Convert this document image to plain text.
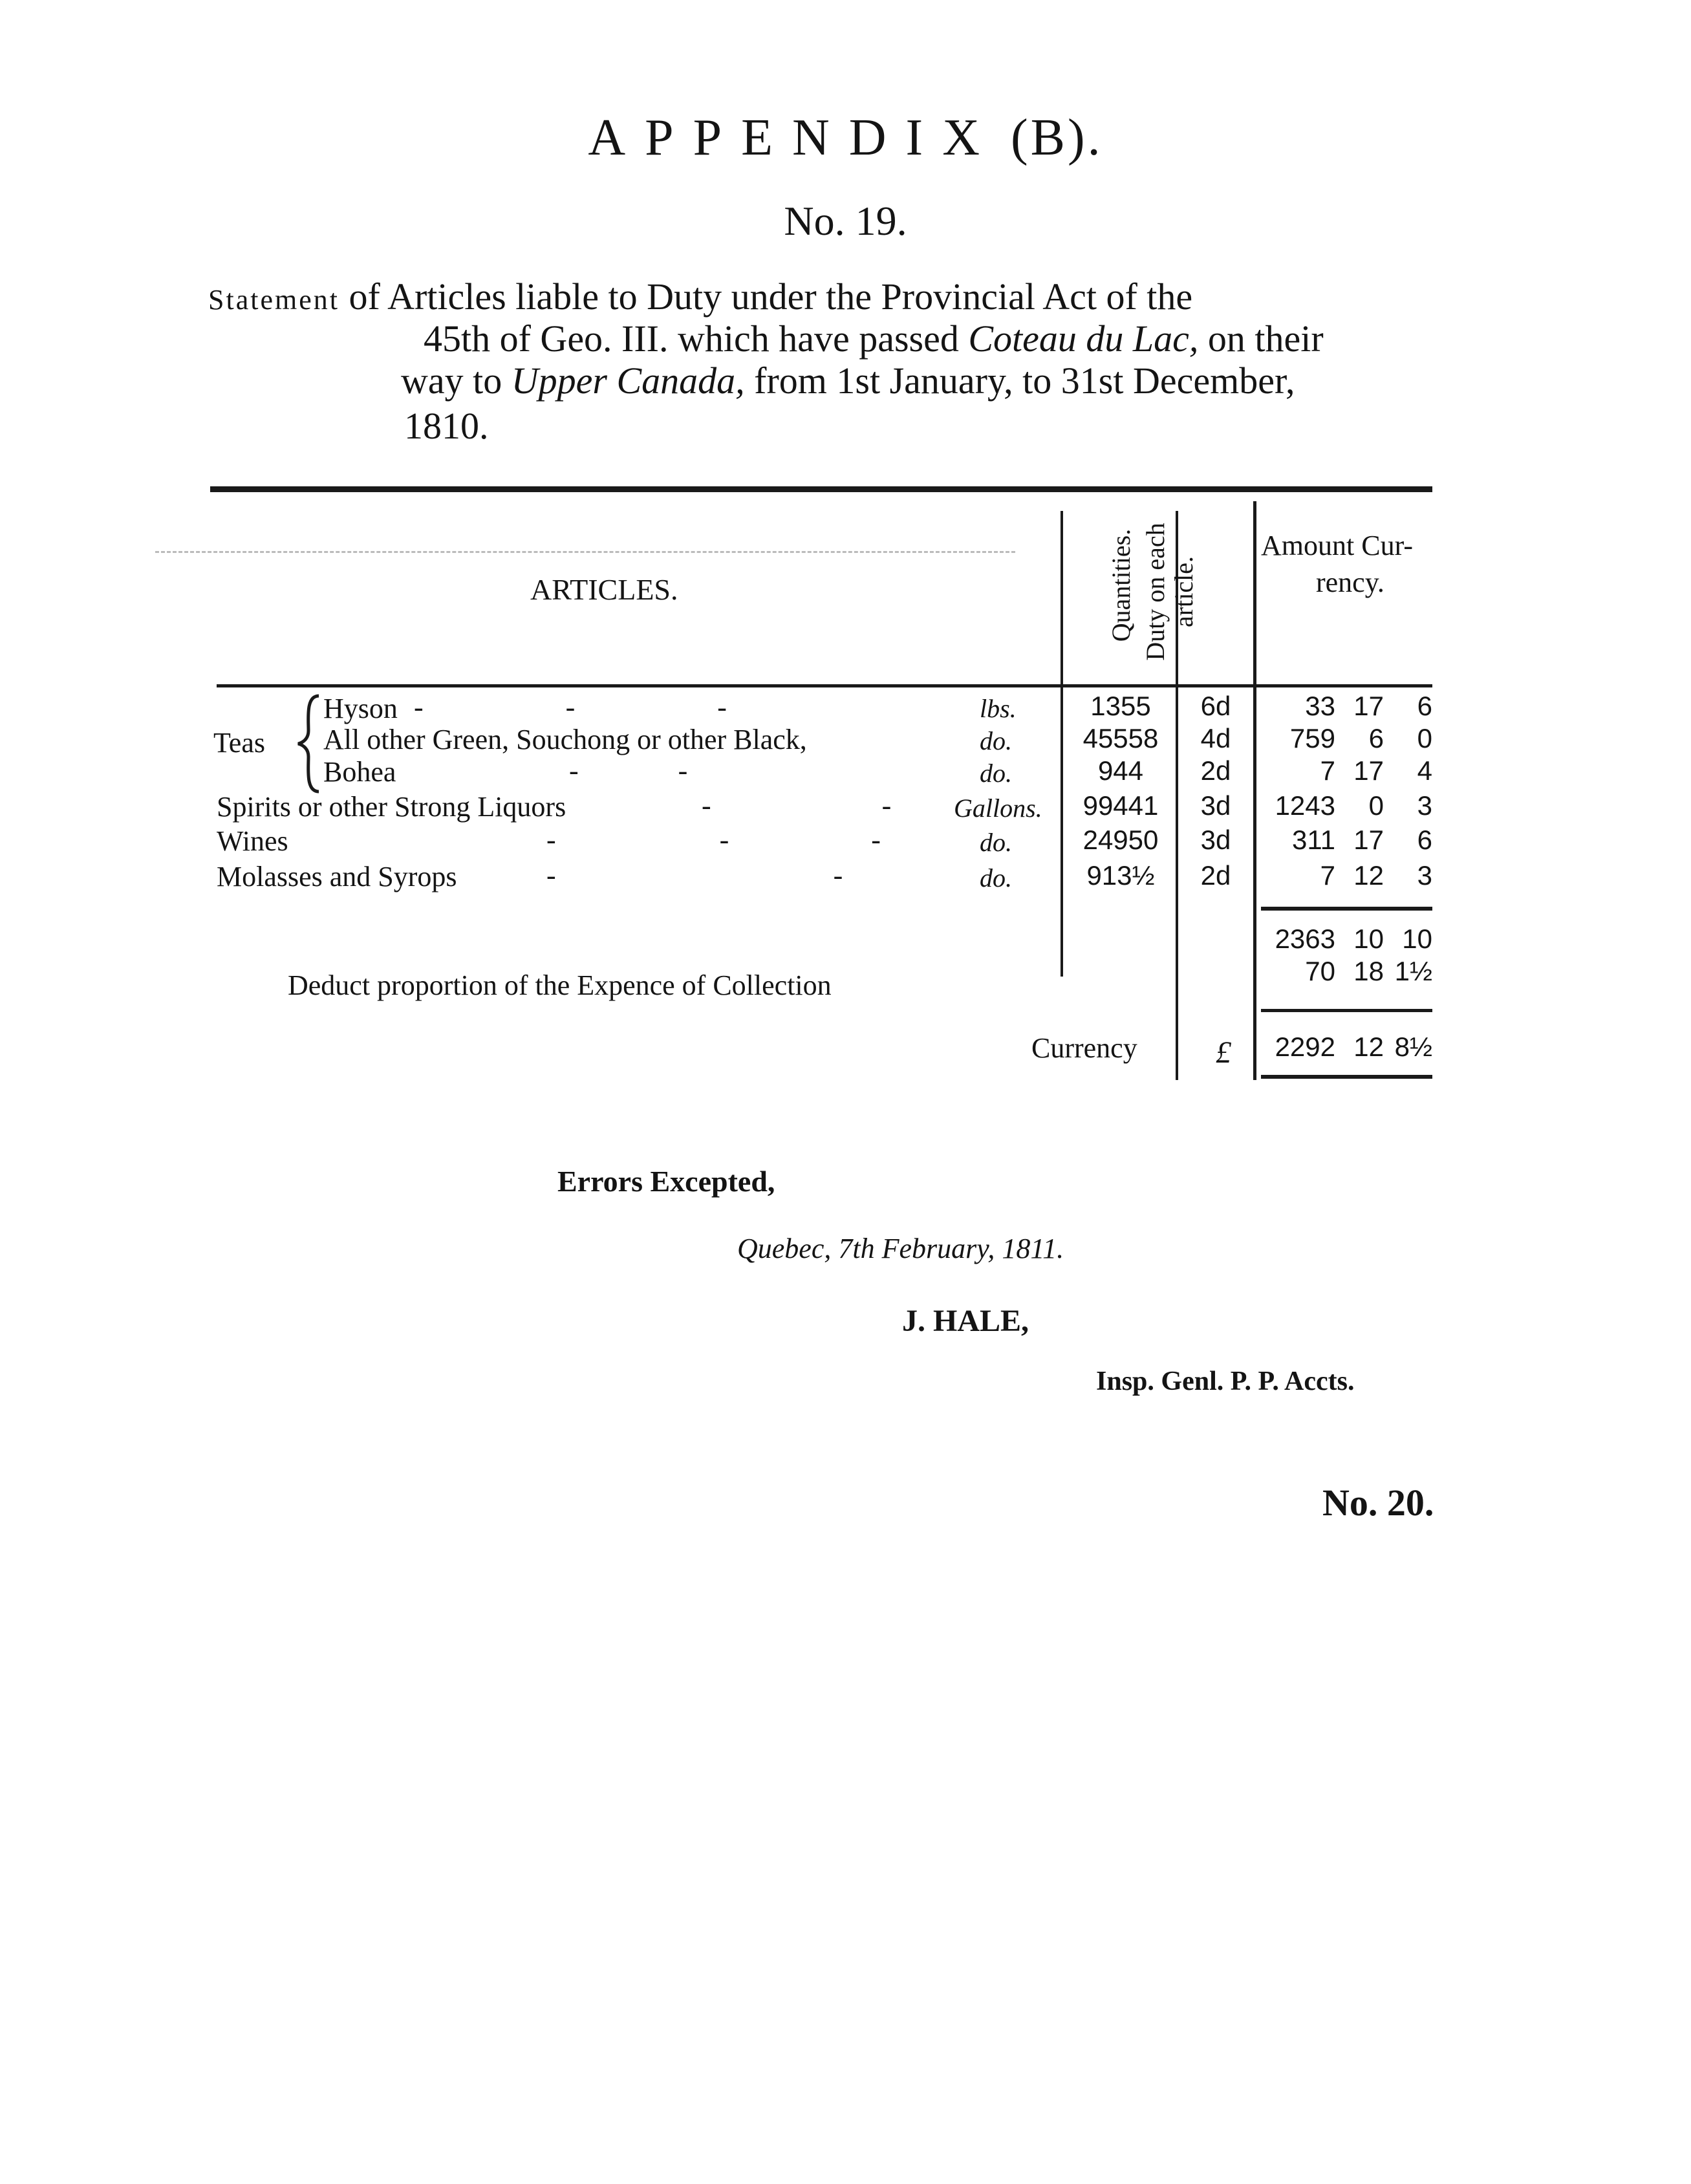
APPENDIX (B).
No. 19.
Statement of Articles liable to Duty under the Provincial Act of the
45th of Geo. III. which have passed Coteau du Lac, on their
way to Upper Canada, from 1st January, to 31st December,
1810.
ARTICLES.	Quantities. Duty on each article.
Amount Cur-
rency.
Teas
Hyson -                    -                    -	lbs.	1355	6d	33 17	6
All other Green, Souchong or other Black,	do.	45558	4d	759	6	0
Bohea	-              -	do.	944	2d	7 17	4
Spirits or other Strong Liquors	-                        - Gallons.	99441	3d	1243	0	3
Wines	-                       -                    -	do.	24950	3d	311 17	6
Molasses and Syrops	-                                       -	do.	913½	2d	7 12	3
2363 10 10
Deduct proportion of the Expence of Collection	70 18 1½
Currency	£	2292 12 8½
Errors Excepted,
Quebec, 7th February, 1811.
J. HALE,
Insp. Genl. P. P. Accts.
No. 20.
